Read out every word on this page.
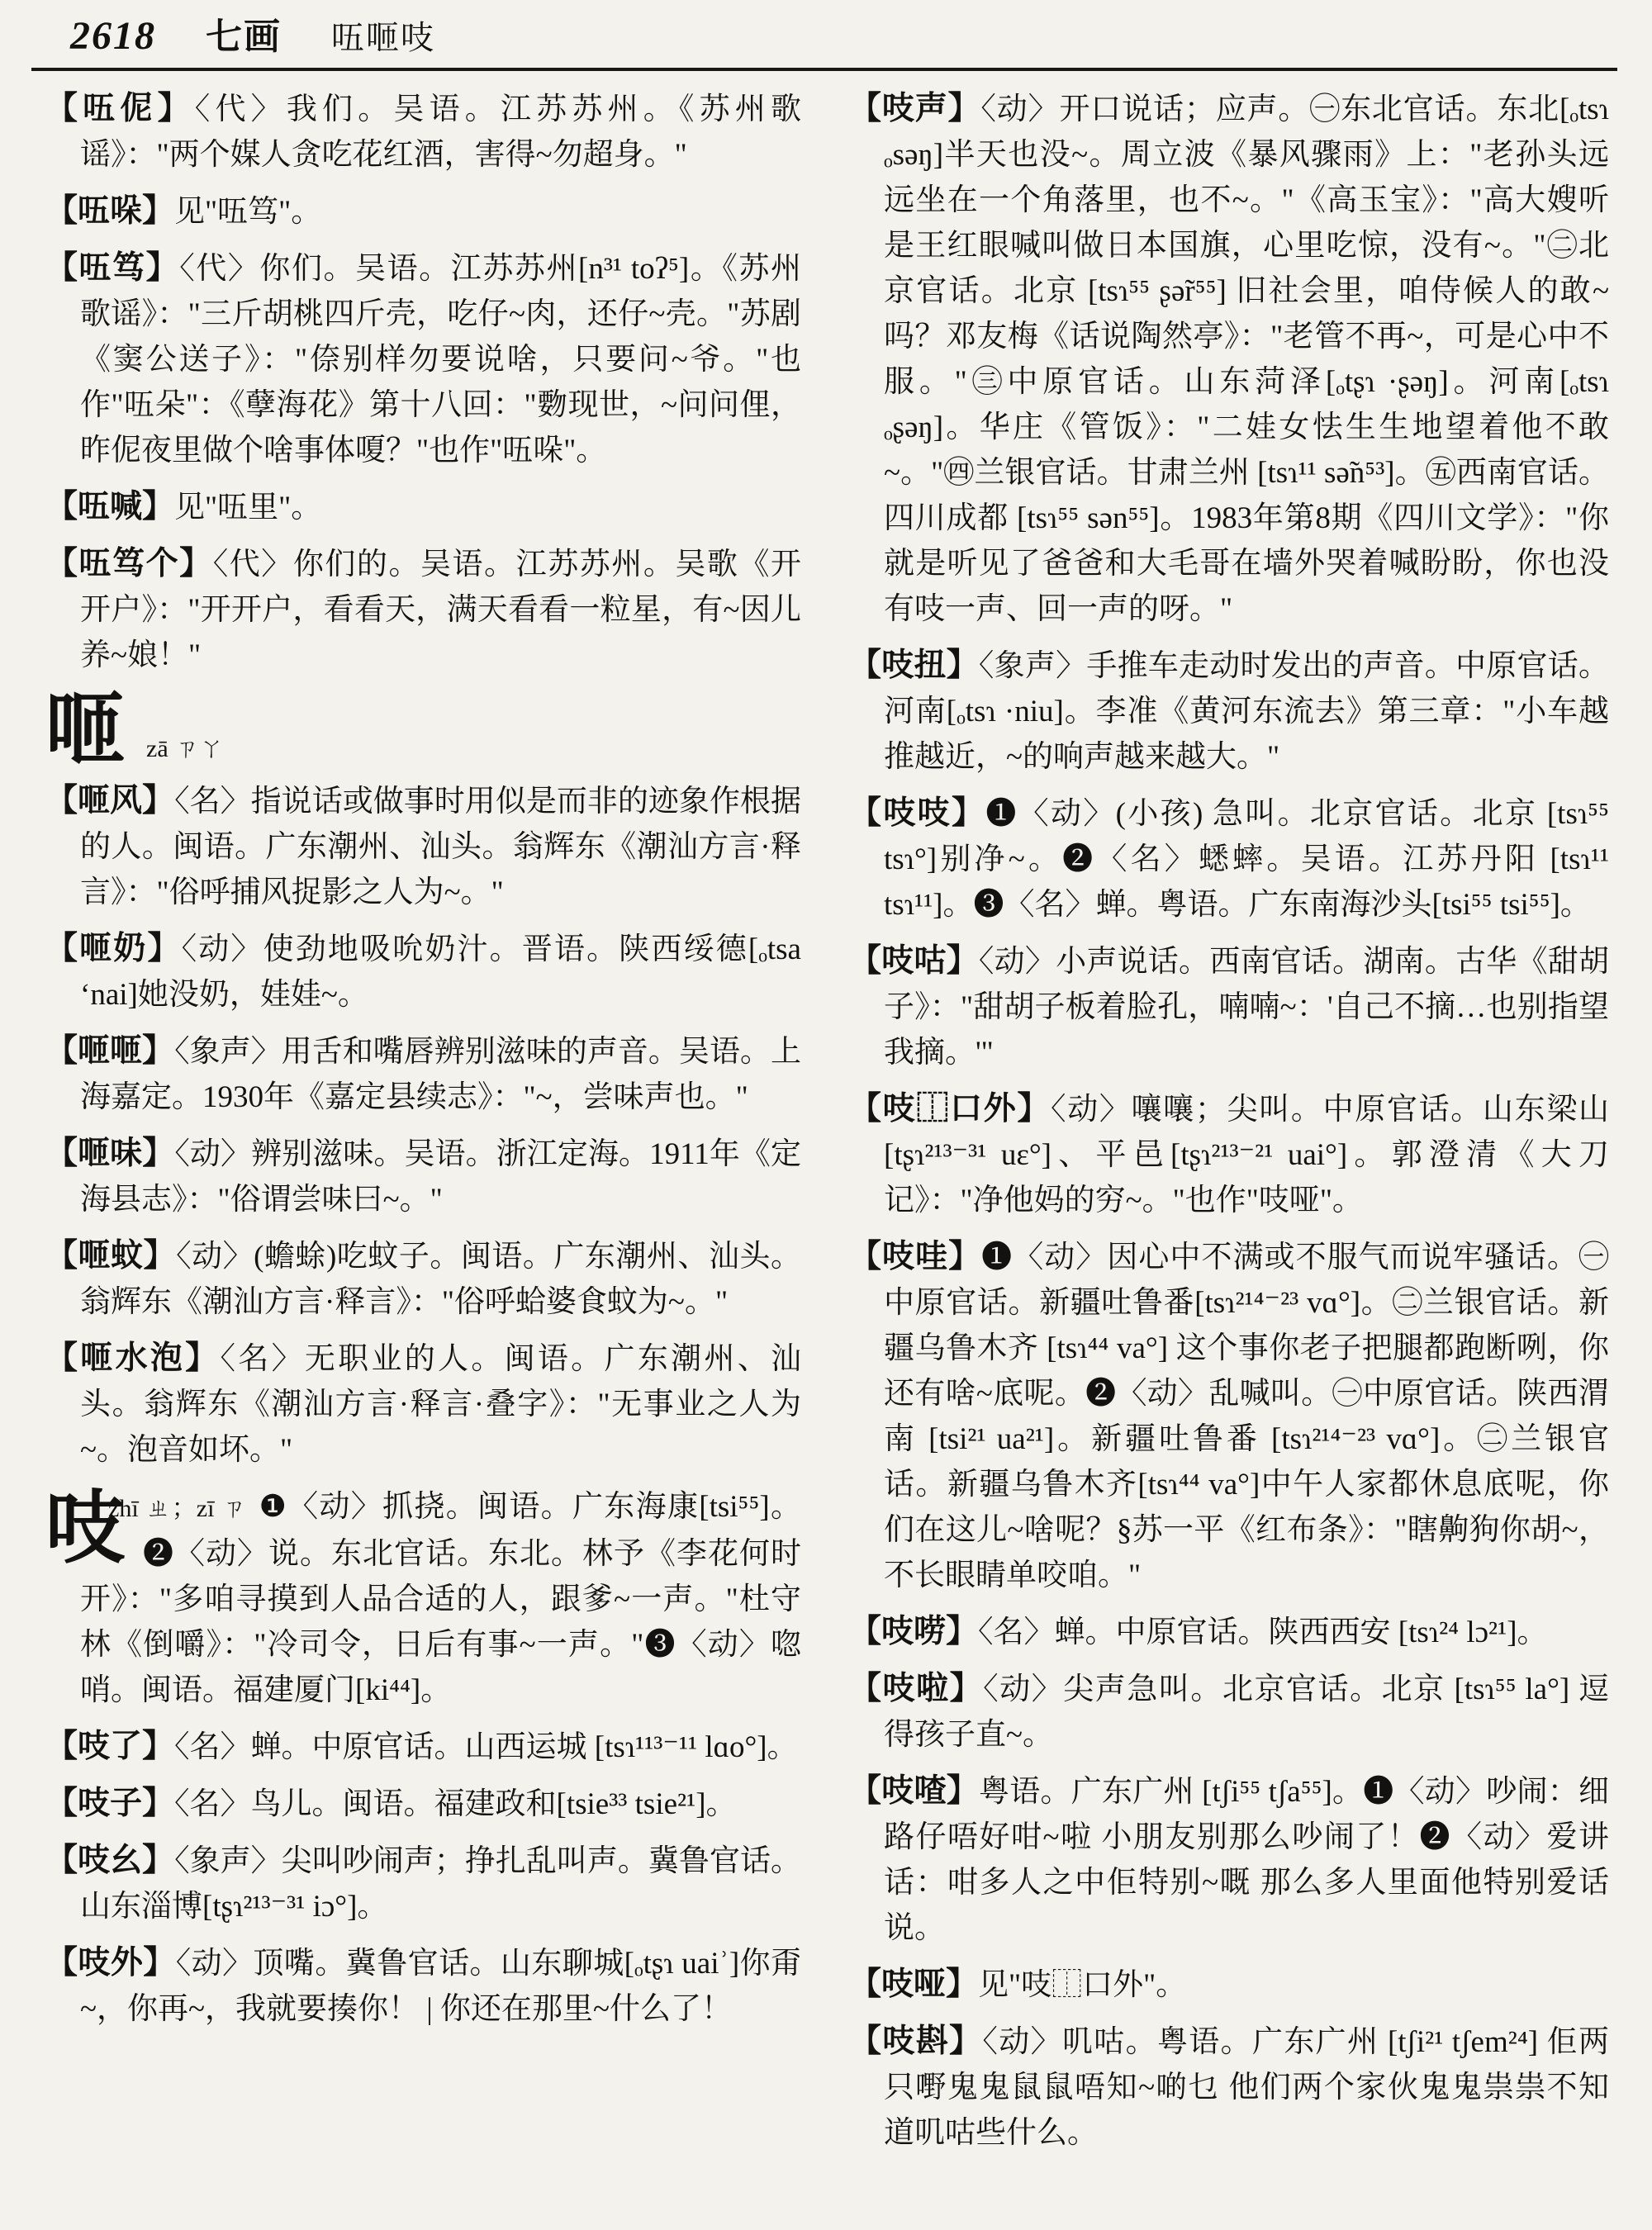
2618 七画 㕶咂吱

【㕶伲】〈代〉我们。吴语。江苏苏州。《苏州歌谣》："两个媒人贪吃花红酒，害得~勿超身。"

【㕶哚】见"㕶笃"。

【㕶笃】〈代〉你们。吴语。江苏苏州[n³¹ toʔ⁵]。《苏州歌谣》："三斤胡桃四斤壳，吃仔~肉，还仔~壳。"苏剧《窦公送子》："倷别样勿要说啥，只要问~爷。"也作"㕶朵"：《孽海花》第十八回："覅现世，~问问俚，昨伲夜里做个啥事体嗄？"也作"㕶哚"。

【㕶喊】见"㕶里"。

【㕶笃个】〈代〉你们的。吴语。江苏苏州。吴歌《开开户》："开开户，看看天，满天看看一粒星，有~因儿养~娘！"

咂 zā ㄗㄚ

【咂风】〈名〉指说话或做事时用似是而非的迹象作根据的人。闽语。广东潮州、汕头。翁辉东《潮汕方言·释言》："俗呼捕风捉影之人为~。"

【咂奶】〈动〉使劲地吸吮奶汁。晋语。陕西绥德[ₒtsa ʻnai]她没奶，娃娃~。

【咂咂】〈象声〉用舌和嘴唇辨别滋味的声音。吴语。上海嘉定。1930年《嘉定县续志》："~，尝味声也。"

【咂味】〈动〉辨别滋味。吴语。浙江定海。1911年《定海县志》："俗谓尝味曰~。"

【咂蚊】〈动〉(蟾蜍)吃蚊子。闽语。广东潮州、汕头。翁辉东《潮汕方言·释言》："俗呼蛤婆食蚊为~。"

【咂水泡】〈名〉无职业的人。闽语。广东潮州、汕头。翁辉东《潮汕方言·释言·叠字》："无事业之人为~。泡音如坏。"

吱
zhī ㄓ；zī ㄗ ❶〈动〉抓挠。闽语。广东海康[tsi⁵⁵]。❷〈动〉说。东北官话。东北。林予《李花何时开》："多咱寻摸到人品合适的人，跟爹~一声。"杜守林《倒嚼》："冷司令，日后有事~一声。"❸〈动〉唿哨。闽语。福建厦门[ki⁴⁴]。

【吱了】〈名〉蝉。中原官话。山西运城 [tsɿ¹¹³⁻¹¹ lɑo°]。

【吱子】〈名〉鸟儿。闽语。福建政和[tsie³³ tsie²¹]。

【吱幺】〈象声〉尖叫吵闹声；挣扎乱叫声。冀鲁官话。山东淄博[tʂɿ²¹³⁻³¹ iɔ°]。

【吱外】〈动〉顶嘴。冀鲁官话。山东聊城[ₒtʂɿ uaiʾ]你甭~，你再~，我就要揍你！ | 你还在那里~什么了！

【吱声】〈动〉开口说话；应声。㊀东北官话。东北[ₒtsɿ ₒsəŋ]半天也没~。周立波《暴风骤雨》上："老孙头远远坐在一个角落里，也不~。"《高玉宝》："高大嫂听是王红眼喊叫做日本国旗，心里吃惊，没有~。"㊁北京官话。北京 [tsɿ⁵⁵ ʂə̃r⁵⁵] 旧社会里，咱侍候人的敢~吗？邓友梅《话说陶然亭》："老管不再~，可是心中不服。"㊂中原官话。山东菏泽[ₒtʂɿ ·ʂəŋ]。河南[ₒtsɿ ₒʂəŋ]。华庄《管饭》："二娃女怯生生地望着他不敢~。"㊃兰银官话。甘肃兰州 [tsɿ¹¹ sə̃n⁵³]。㊄西南官话。四川成都 [tsɿ⁵⁵ sən⁵⁵]。1983年第8期《四川文学》："你就是听见了爸爸和大毛哥在墙外哭着喊盼盼，你也没有吱一声、回一声的呀。"

【吱扭】〈象声〉手推车走动时发出的声音。中原官话。河南[ₒtsɿ ·niu]。李准《黄河东流去》第三章："小车越推越近，~的响声越来越大。"

【吱吱】❶〈动〉(小孩) 急叫。北京官话。北京 [tsɿ⁵⁵ tsɿ°]别净~。❷〈名〉蟋蟀。吴语。江苏丹阳 [tsɿ¹¹ tsɿ¹¹]。❸〈名〉蝉。粤语。广东南海沙头[tsi⁵⁵ tsi⁵⁵]。

【吱咕】〈动〉小声说话。西南官话。湖南。古华《甜胡子》："甜胡子板着脸孔，喃喃~：'自己不摘…也别指望我摘。'"

【吱⿰口外】〈动〉嚷嚷；尖叫。中原官话。山东梁山[tʂɿ²¹³⁻³¹ uɛ°]、平邑[tʂɿ²¹³⁻²¹ uai°]。郭澄清《大刀记》："净他妈的穷~。"也作"吱哑"。

【吱哇】❶〈动〉因心中不满或不服气而说牢骚话。㊀中原官话。新疆吐鲁番[tsɿ²¹⁴⁻²³ vɑ°]。㊁兰银官话。新疆乌鲁木齐 [tsɿ⁴⁴ va°] 这个事你老子把腿都跑断咧，你还有啥~底呢。❷〈动〉乱喊叫。㊀中原官话。陕西渭南 [tsi²¹ ua²¹]。新疆吐鲁番 [tsɿ²¹⁴⁻²³ vɑ°]。㊁兰银官话。新疆乌鲁木齐[tsɿ⁴⁴ va°]中午人家都休息底呢，你们在这儿~啥呢？§苏一平《红布条》："瞎齁狗你胡~，不长眼睛单咬咱。"

【吱唠】〈名〉蝉。中原官话。陕西西安 [tsɿ²⁴ lɔ²¹]。

【吱啦】〈动〉尖声急叫。北京官话。北京 [tsɿ⁵⁵ la°] 逗得孩子直~。

【吱喳】粤语。广东广州 [tʃi⁵⁵ tʃa⁵⁵]。❶〈动〉吵闹：细路仔唔好咁~啦 小朋友别那么吵闹了！❷〈动〉爱讲话：咁多人之中佢特别~嘅 那么多人里面他特别爱话说。

【吱哑】见"吱⿰口外"。

【吱斟】〈动〉叽咕。粤语。广东广州 [tʃi²¹ tʃem²⁴] 佢两只嘢鬼鬼鼠鼠唔知~啲乜 他们两个家伙鬼鬼祟祟不知道叽咕些什么。
